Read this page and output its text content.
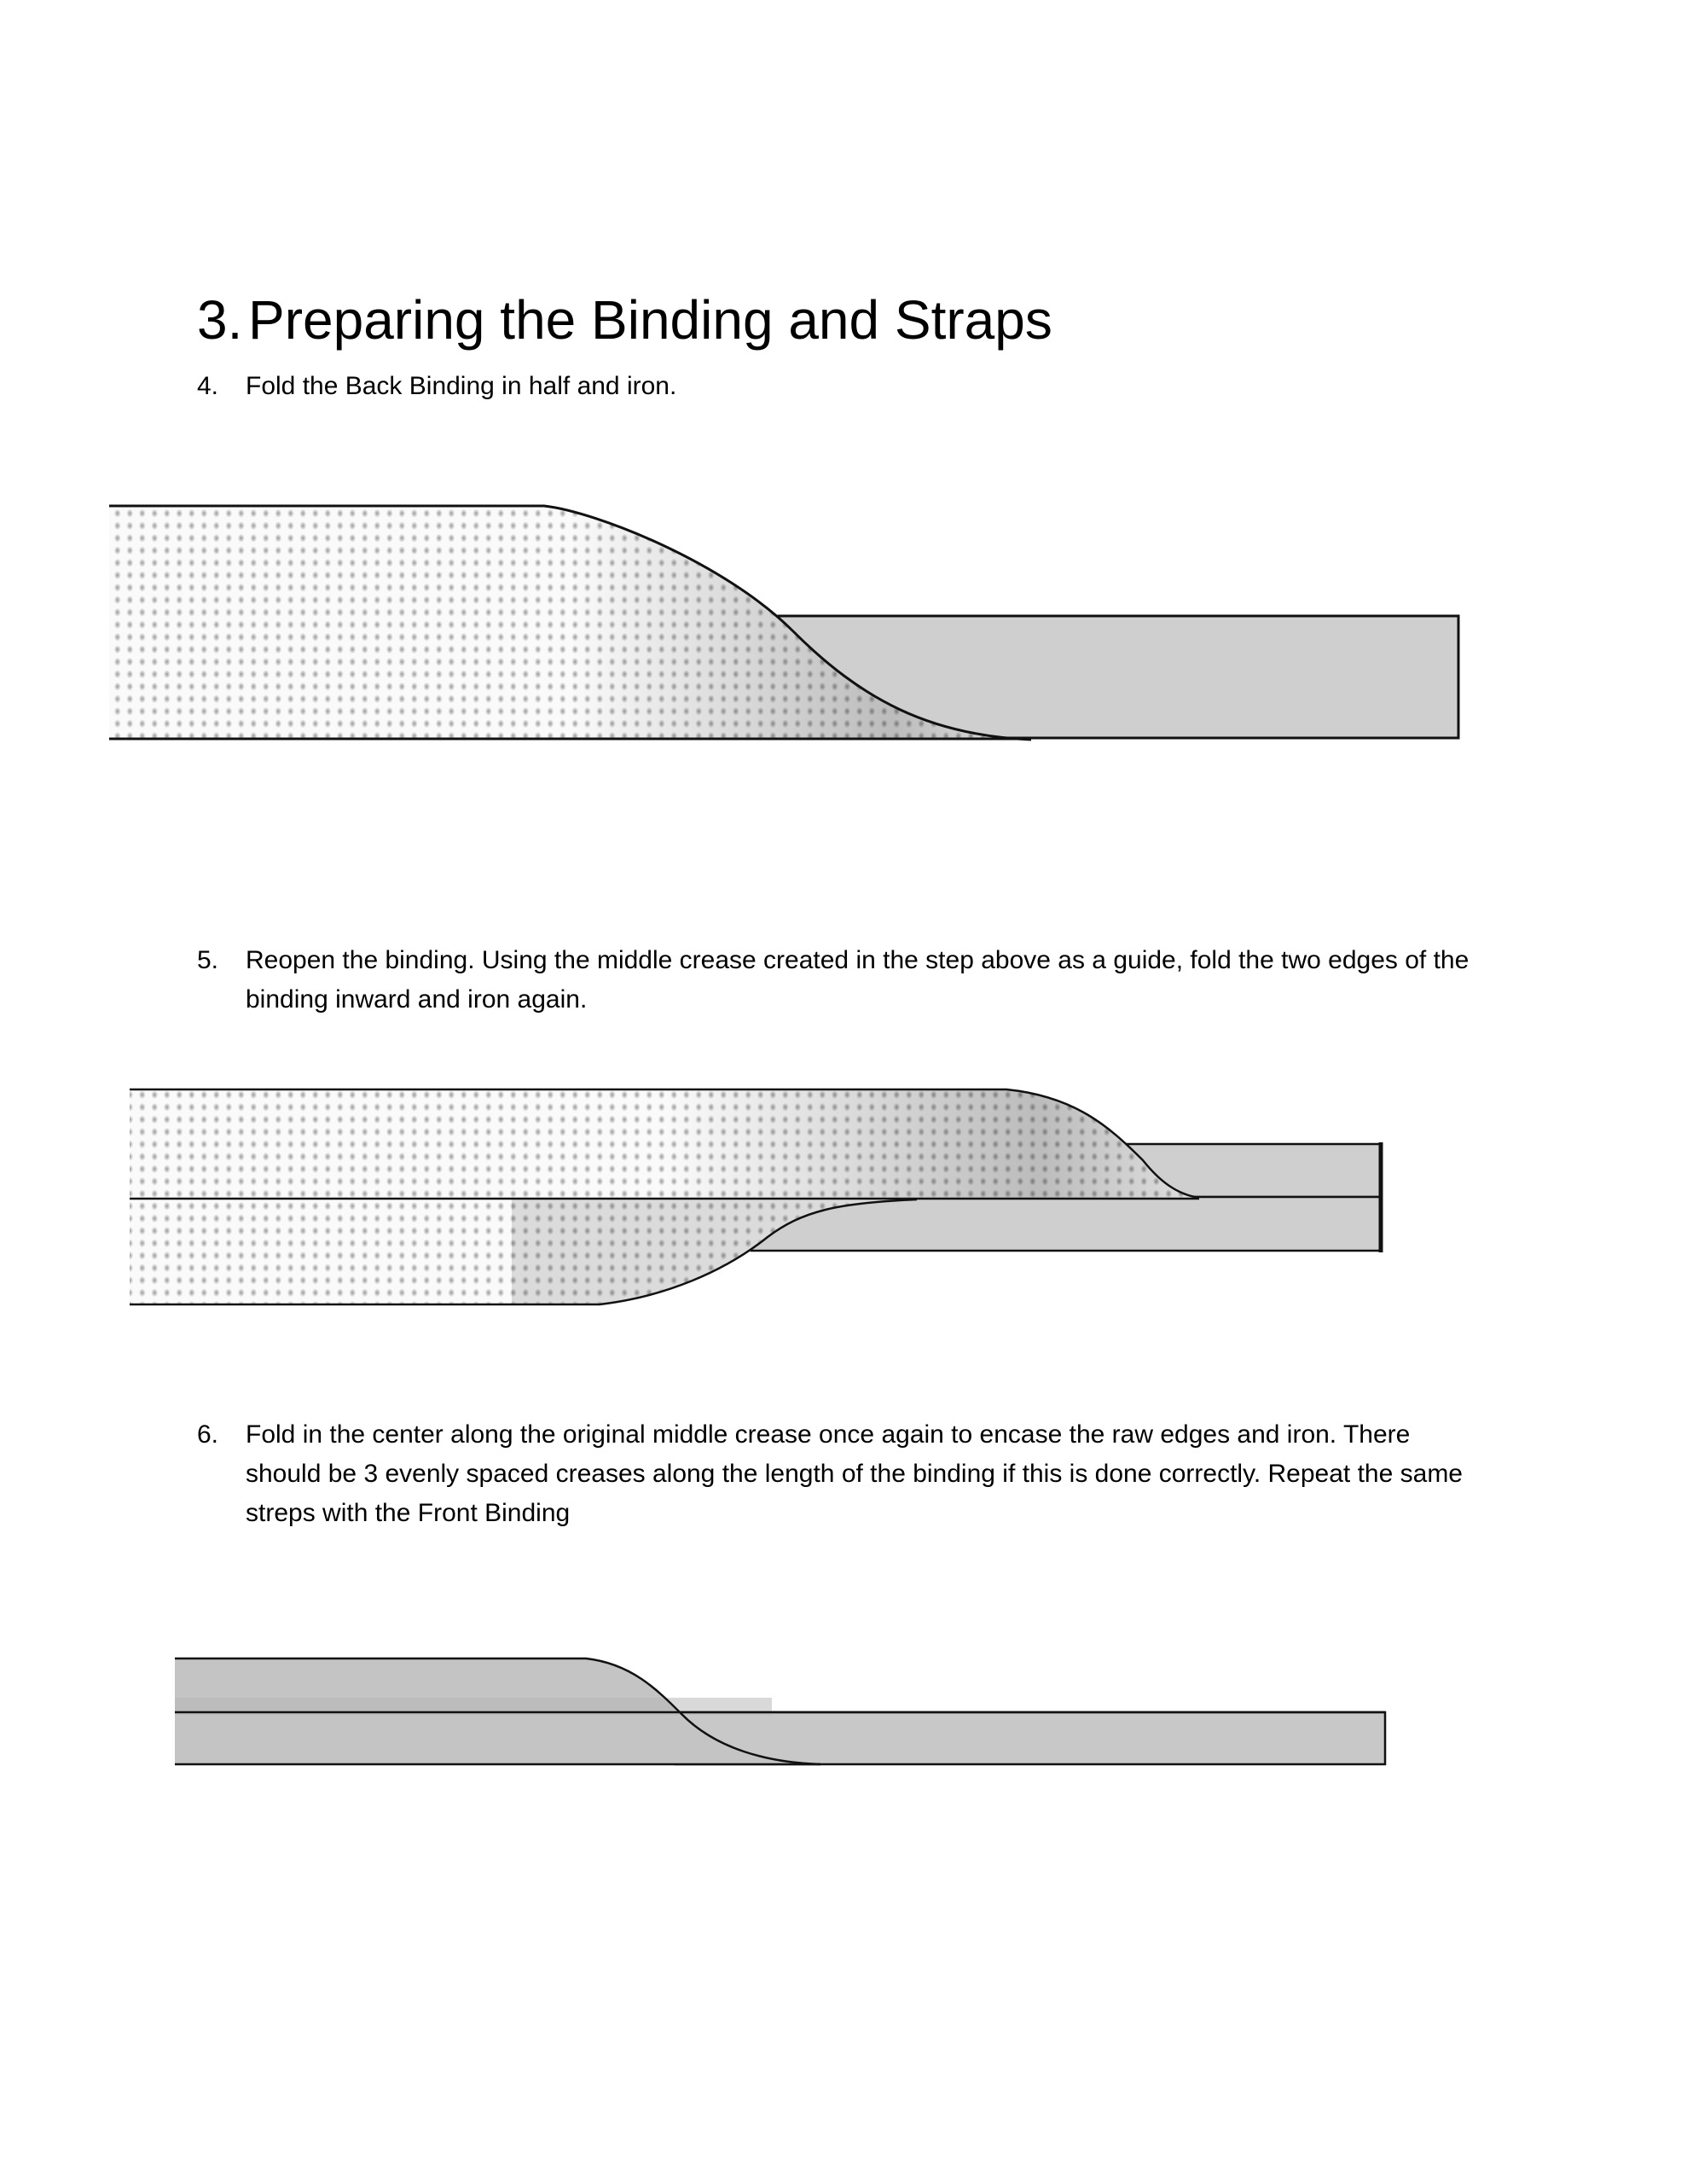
3. Preparing the Binding and Straps
4. Fold the Back Binding in half and iron.
5. Reopen the binding. Using the middle crease created in the step above as a guide, fold the two edges of the
binding inward and iron again.
6. Fold in the center along the original middle crease once again to encase the raw edges and iron. There
should be 3 evenly spaced creases along the length of the binding if this is done correctly. Repeat the same
streps with the Front Binding
